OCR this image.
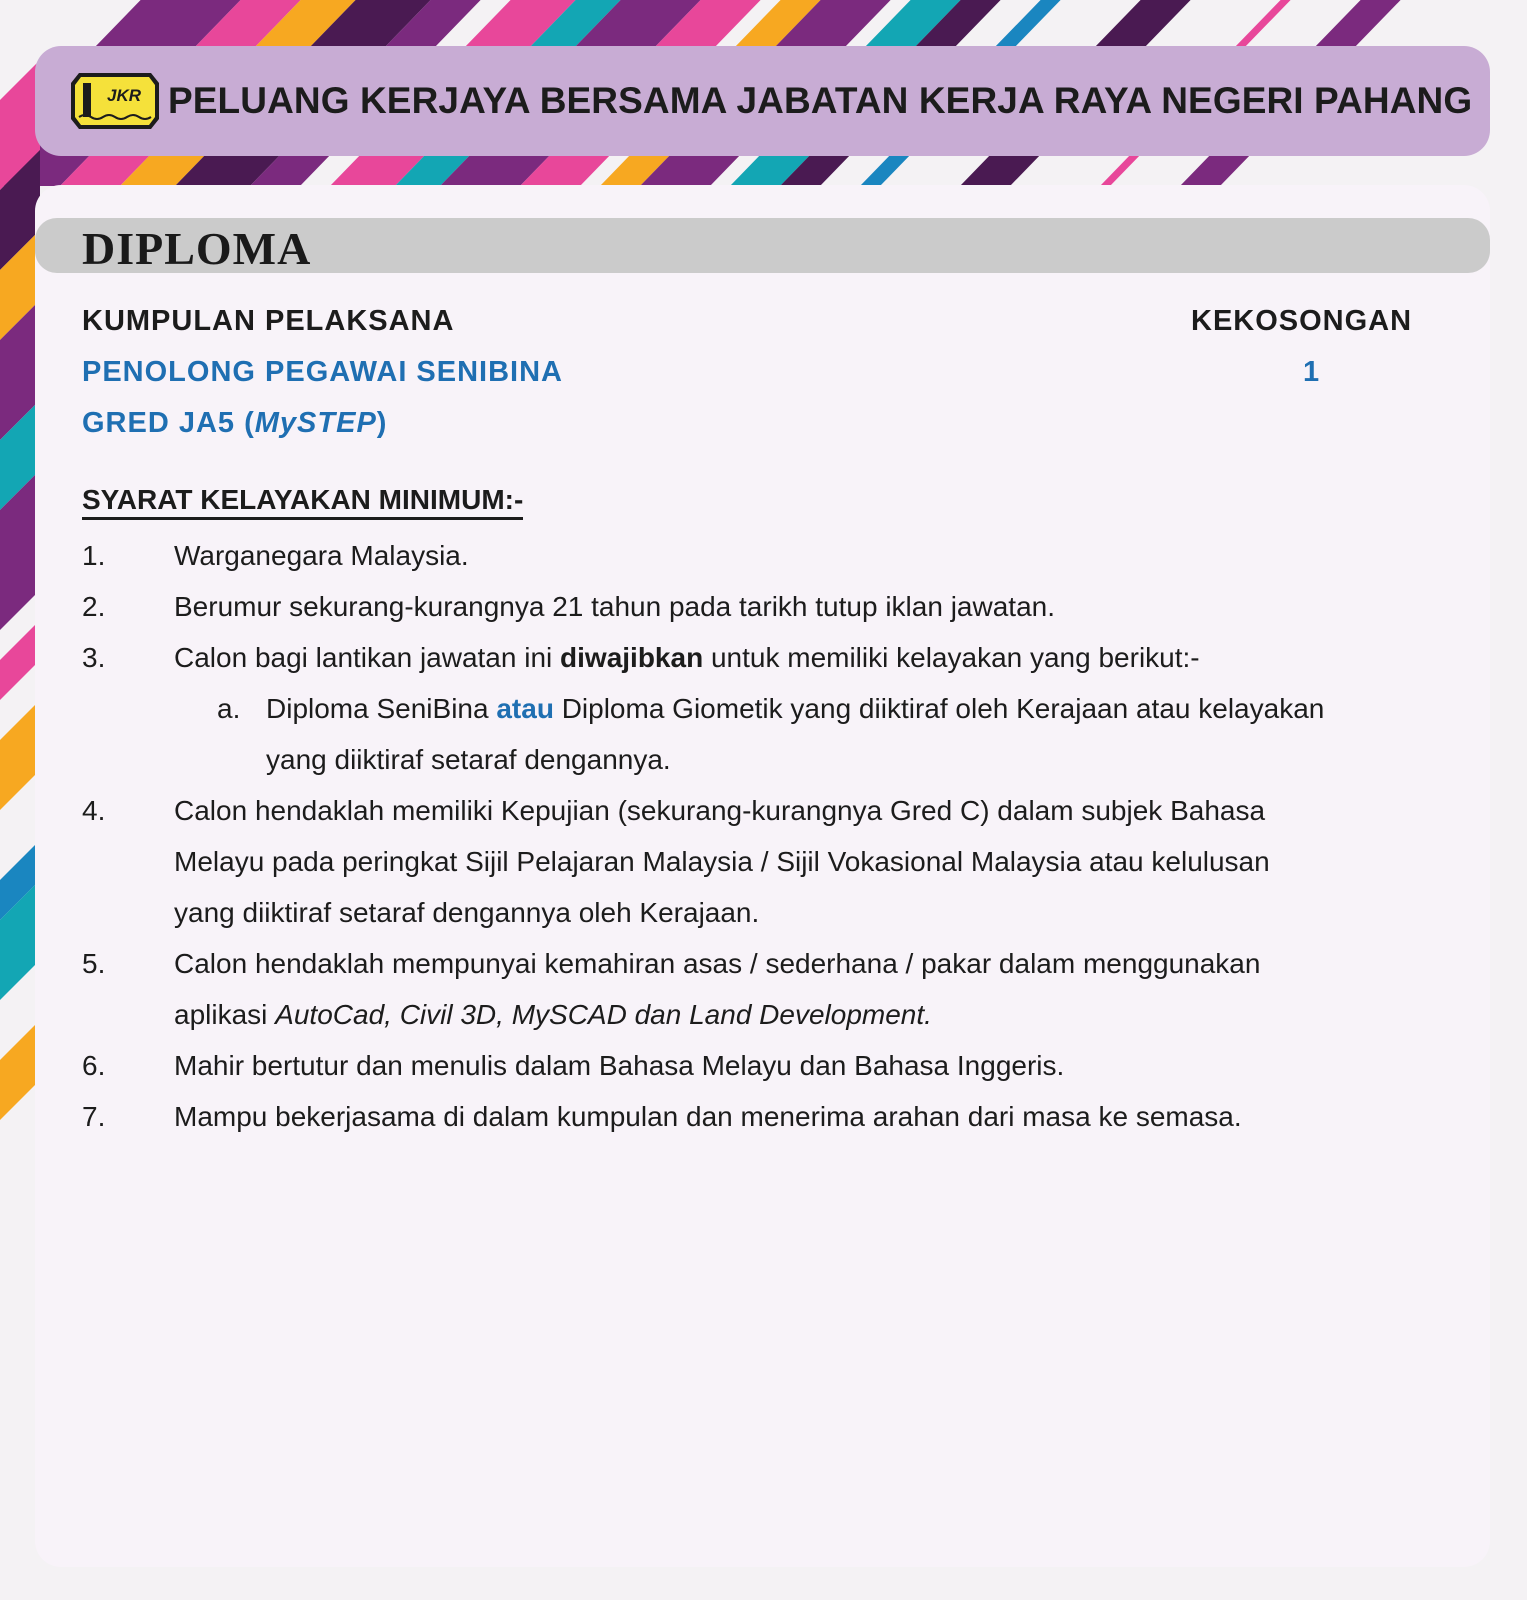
JKR PELUANG KERJAYA BERSAMA JABATAN KERJA RAYA NEGERI PAHANG
DIPLOMA
KUMPULAN PELAKSANA	KEKOSONGAN
PENOLONG PEGAWAI SENIBINA	1
GRED JA5 (MySTEP)
SYARAT KELAYAKAN MINIMUM:-
1. Warganegara Malaysia.
2. Berumur sekurang-kurangnya 21 tahun pada tarikh tutup iklan jawatan.
3. Calon bagi lantikan jawatan ini diwajibkan untuk memiliki kelayakan yang berikut:-
a. Diploma SeniBina atau Diploma Giometik yang diiktiraf oleh Kerajaan atau kelayakan
yang diiktiraf setaraf dengannya.
4. Calon hendaklah memiliki Kepujian (sekurang-kurangnya Gred C) dalam subjek Bahasa
Melayu pada peringkat Sijil Pelajaran Malaysia / Sijil Vokasional Malaysia atau kelulusan
yang diiktiraf setaraf dengannya oleh Kerajaan.
5. Calon hendaklah mempunyai kemahiran asas / sederhana / pakar dalam menggunakan
aplikasi AutoCad, Civil 3D, MySCAD dan Land Development.
6. Mahir bertutur dan menulis dalam Bahasa Melayu dan Bahasa Inggeris.
7. Mampu bekerjasama di dalam kumpulan dan menerima arahan dari masa ke semasa.
